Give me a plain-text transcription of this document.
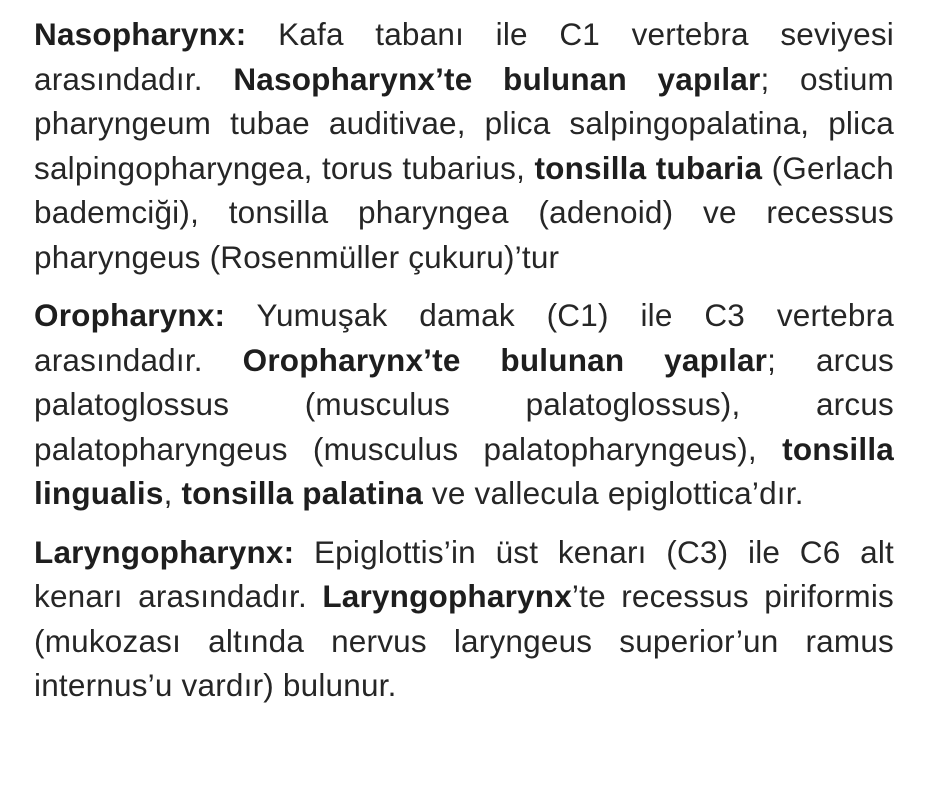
Nasopharynx: Kafa tabanı ile C1 vertebra seviyesi arasındadır. Nasopharynx’te bulunan yapılar; ostium pharyngeum tubae auditivae, plica salpingopalatina, plica salpingopharyngea, torus tubarius, tonsilla tubaria (Gerlach bademciği), tonsilla pharyngea (adenoid) ve recessus pharyngeus (Rosenmüller çukuru)’tur

Oropharynx: Yumuşak damak (C1) ile C3 vertebra arasındadır. Oropharynx’te bulunan yapılar; arcus palatoglossus (musculus palatoglossus), arcus palatopharyngeus (musculus palatopharyngeus), tonsilla lingualis, tonsilla palatina ve vallecula epiglottica’dır.

Laryngopharynx: Epiglottis’in üst kenarı (C3) ile C6 alt kenarı arasındadır. Laryngopharynx’te recessus piriformis (mukozası altında nervus laryngeus superior’un ramus internus’u vardır) bulunur.
